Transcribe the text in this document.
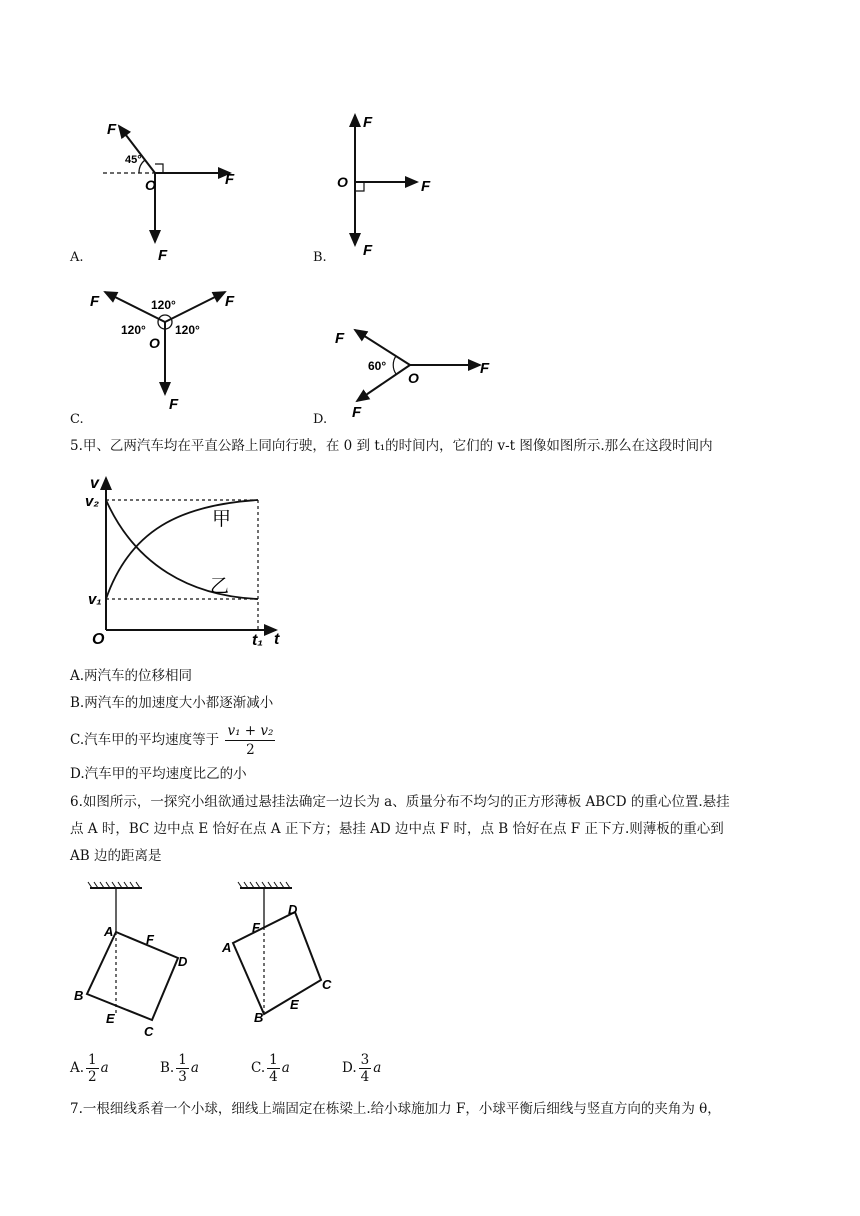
F
45°
O	F
F
A.
F
O	F
F
B.
F	120°	F
120° 120°
O
F
C.
F
60°
O
F
F
D.
5.甲、乙两汽车均在平直公路上同向行驶，在 0 到 t₁的时间内，它们的 v-t 图像如图所示.那么在这段时间内
v
v₂
v₁
O	t₁ t
甲
乙
A.两汽车的位移相同
B.两汽车的加速度大小都逐渐减小
C.汽车甲的平均速度等于 $\frac{\text{v₁ + v₂}}{2}$
D.汽车甲的平均速度比乙的小
6.如图所示，一探究小组欲通过悬挂法确定一边长为 a、质量分布不均匀的正方形薄板 ABCD 的重心位置.悬挂
点 A 时，BC 边中点 E 恰好在点 A 正下方；悬挂 AD 边中点 F 时，点 B 恰好在点 F 正下方.则薄板的重心到
AB 边的距离是
A
F
D
B
E
C
F
D
A
C
E
B
A. $\frac{1}{2}$ a	B. $\frac{1}{3}$ a	C. $\frac{1}{4}$ a	D. $\frac{3}{4}$ a
7.一根细线系着一个小球，细线上端固定在栋梁上.给小球施加力 F，小球平衡后细线与竖直方向的夹角为 θ，
